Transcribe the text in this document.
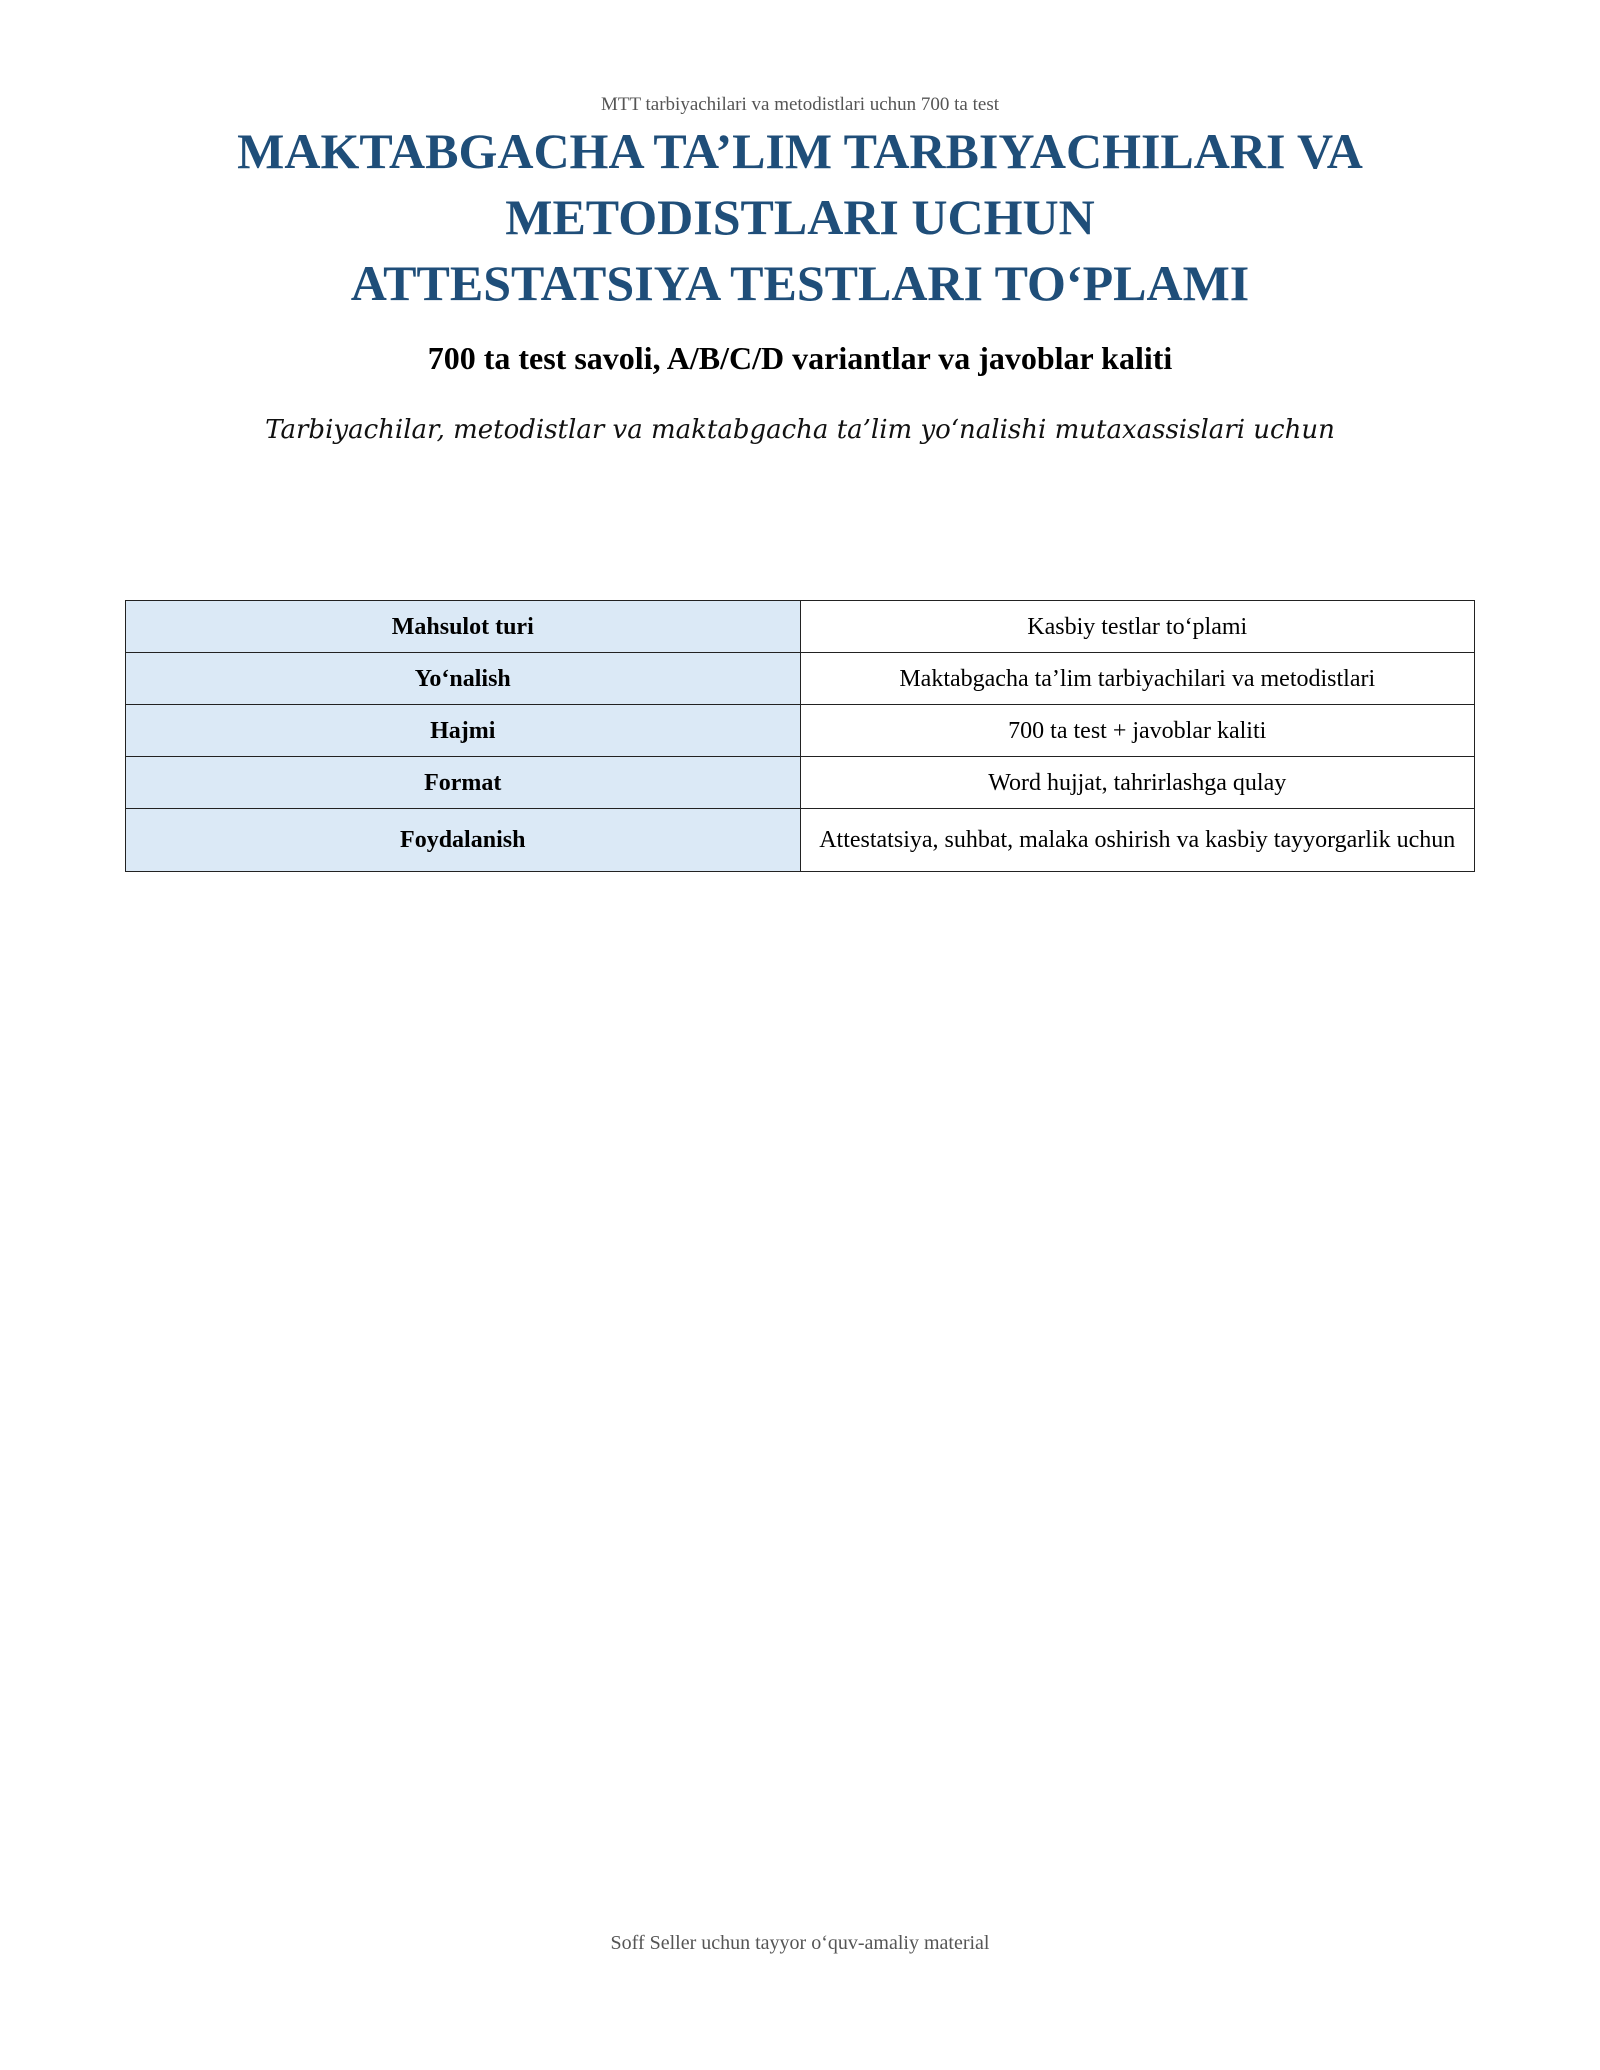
MTT tarbiyachilari va metodistlari uchun 700 ta test
MAKTABGACHA TA’LIM TARBIYACHILARI VA
METODISTLARI UCHUN
ATTESTATSIYA TESTLARI TO‘PLAMI
700 ta test savoli, A/B/C/D variantlar va javoblar kaliti
Tarbiyachilar, metodistlar va maktabgacha ta’lim yo‘nalishi mutaxassislari uchun
Mahsulot turi	Kasbiy testlar to‘plami
Yo‘nalish	Maktabgacha ta’lim tarbiyachilari va metodistlari
Hajmi	700 ta test + javoblar kaliti
Format	Word hujjat, tahrirlashga qulay
Foydalanish	Attestatsiya, suhbat, malaka oshirish va kasbiy tayyorgarlik uchun
Soff Seller uchun tayyor o‘quv-amaliy material
